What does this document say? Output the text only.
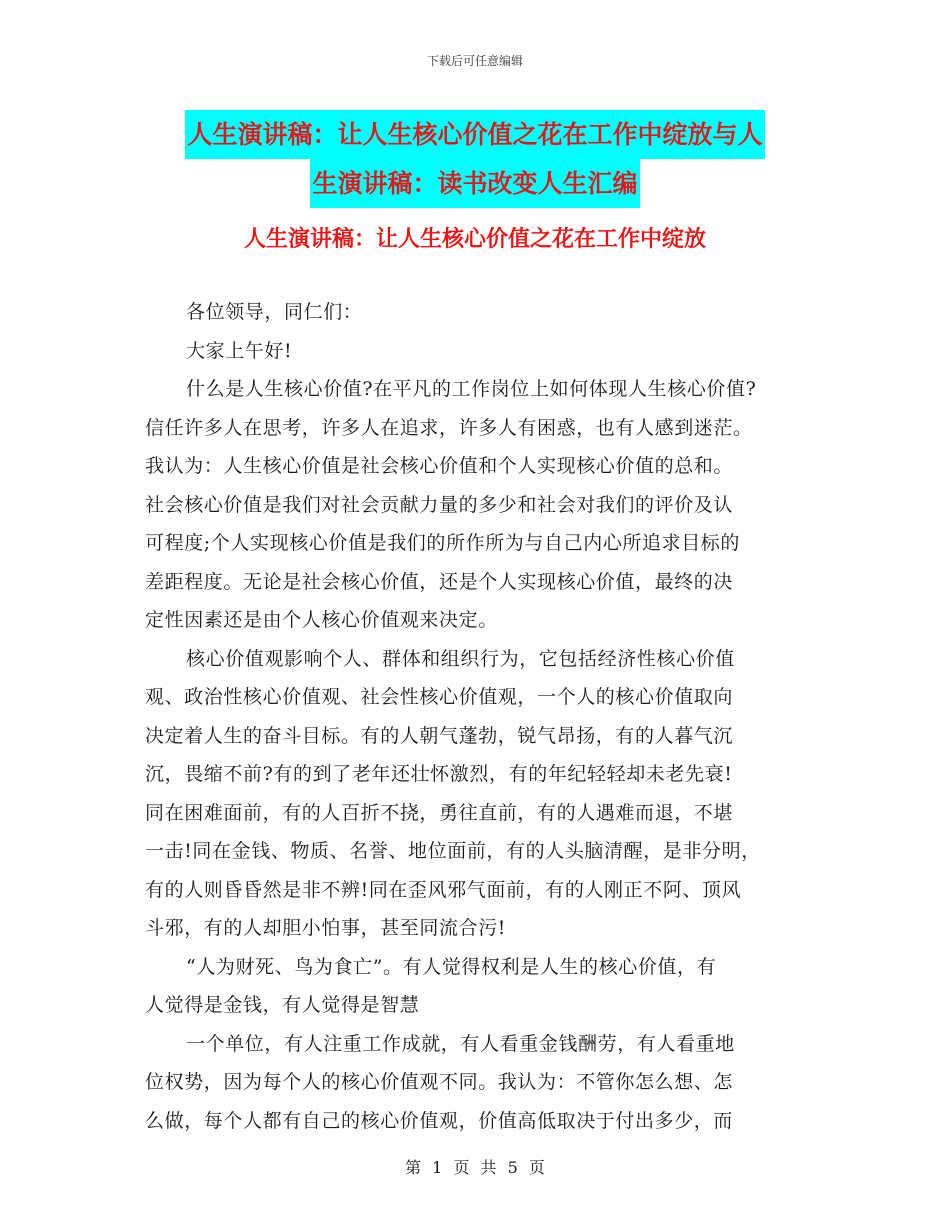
下载后可任意编辑
人生演讲稿：让人生核心价值之花在工作中绽放与人
生演讲稿：读书改变人生汇编
人生演讲稿：让人生核心价值之花在工作中绽放
各位领导，同仁们：
大家上午好!
什么是人生核心价值?在平凡的工作岗位上如何体现人生核心价值?
信任许多人在思考，许多人在追求，许多人有困惑，也有人感到迷茫。
我认为：人生核心价值是社会核心价值和个人实现核心价值的总和。
社会核心价值是我们对社会贡献力量的多少和社会对我们的评价及认
可程度;个人实现核心价值是我们的所作所为与自己内心所追求目标的
差距程度。无论是社会核心价值，还是个人实现核心价值，最终的决
定性因素还是由个人核心价值观来决定。
核心价值观影响个人、群体和组织行为，它包括经济性核心价值
观、政治性核心价值观、社会性核心价值观，一个人的核心价值取向
决定着人生的奋斗目标。有的人朝气蓬勃，锐气昂扬，有的人暮气沉
沉，畏缩不前?有的到了老年还壮怀激烈，有的年纪轻轻却未老先衰!
同在困难面前，有的人百折不挠，勇往直前，有的人遇难而退，不堪
一击!同在金钱、物质、名誉、地位面前，有的人头脑清醒，是非分明，
有的人则昏昏然是非不辨!同在歪风邪气面前，有的人刚正不阿、顶风
斗邪，有的人却胆小怕事，甚至同流合污!
“人为财死、鸟为食亡”。有人觉得权利是人生的核心价值，有
人觉得是金钱，有人觉得是智慧
一个单位，有人注重工作成就，有人看重金钱酬劳，有人看重地
位权势，因为每个人的核心价值观不同。我认为：不管你怎么想、怎
么做，每个人都有自己的核心价值观，价值高低取决于付出多少，而
第 1 页 共 5 页
